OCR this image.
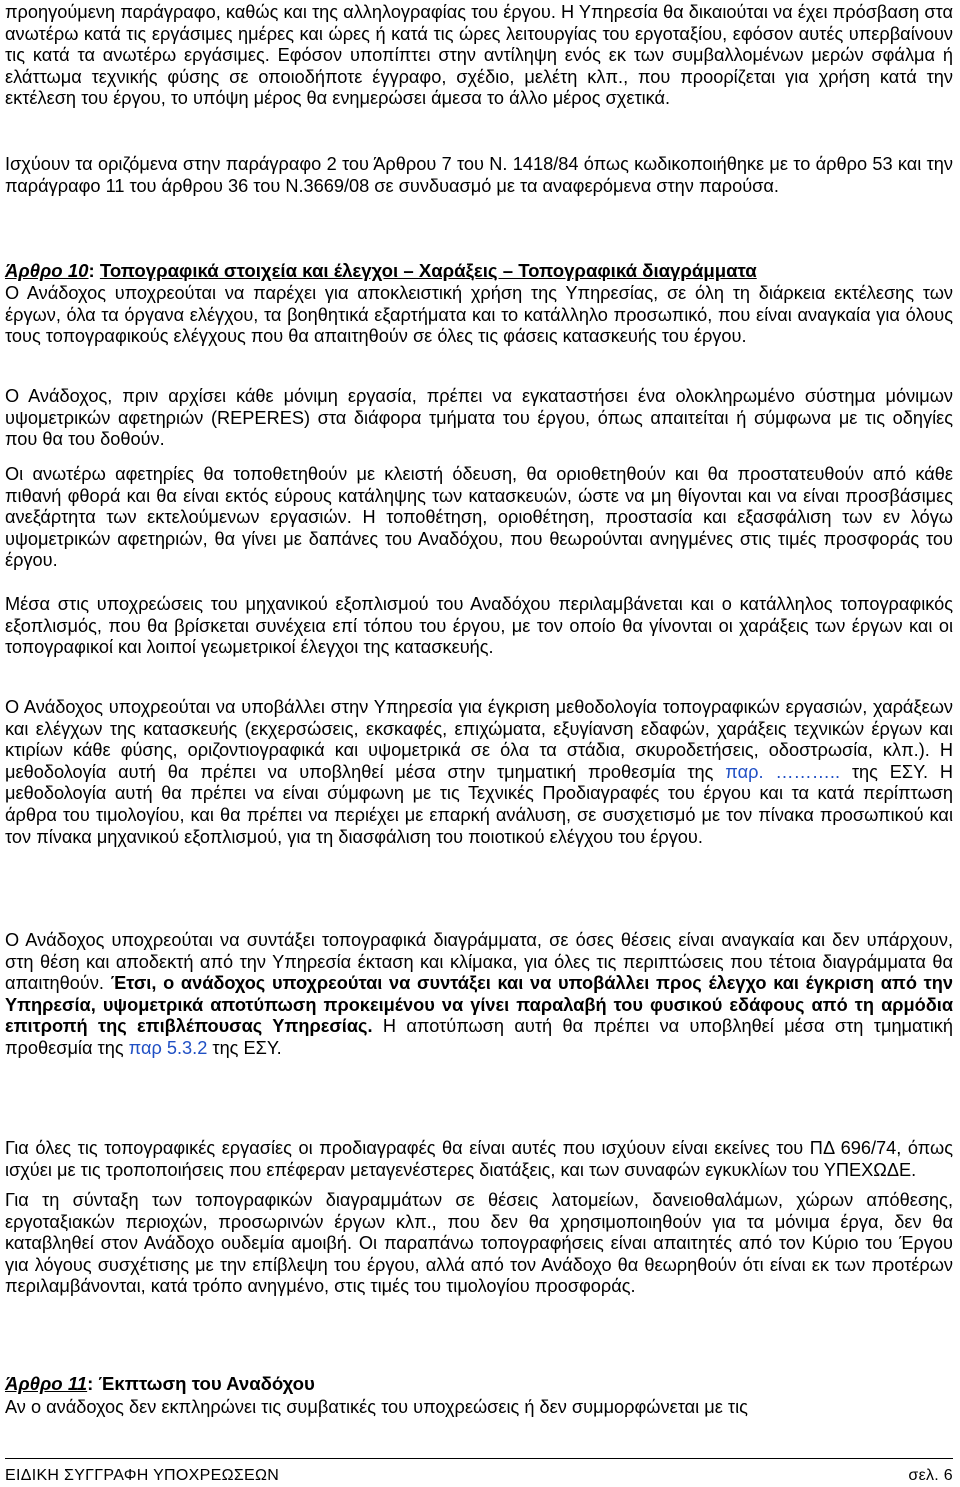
προηγούμενη παράγραφο, καθώς και της αλληλογραφίας του έργου. Η Υπηρεσία θα δικαιούται να έχει πρόσβαση στα ανωτέρω κατά τις εργάσιμες ημέρες και ώρες ή κατά τις ώρες λειτουργίας του εργοταξίου, εφόσον αυτές υπερβαίνουν τις κατά τα ανωτέρω εργάσιμες. Εφόσον υποπίπτει στην αντίληψη ενός εκ των συμβαλλομένων μερών σφάλμα ή ελάττωμα τεχνικής φύσης σε οποιοδήποτε έγγραφο, σχέδιο, μελέτη κλπ., που προορίζεται για χρήση κατά την εκτέλεση του έργου, το υπόψη μέρος θα ενημερώσει άμεσα το άλλο μέρος σχετικά.

Ισχύουν τα οριζόμενα στην παράγραφο 2 του Άρθρου 7 του Ν. 1418/84 όπως κωδικοποιήθηκε με το άρθρο 53 και την παράγραφο 11 του άρθρου 36 του Ν.3669/08 σε συνδυασμό με τα αναφερόμενα στην παρούσα.

Άρθρο 10: Τοπογραφικά στοιχεία και έλεγχοι – Χαράξεις – Τοπογραφικά διαγράμματα

Ο Ανάδοχος υποχρεούται να παρέχει για αποκλειστική χρήση της Υπηρεσίας, σε όλη τη διάρκεια εκτέλεσης των έργων, όλα τα όργανα ελέγχου, τα βοηθητικά εξαρτήματα και το κατάλληλο προσωπικό, που είναι αναγκαία για όλους τους τοπογραφικούς ελέγχους που θα απαιτηθούν σε όλες τις φάσεις κατασκευής του έργου.

Ο Ανάδοχος, πριν αρχίσει κάθε μόνιμη εργασία, πρέπει να εγκαταστήσει ένα ολοκληρωμένο σύστημα μόνιμων υψομετρικών αφετηριών (REPERES) στα διάφορα τμήματα του έργου, όπως απαιτείται ή σύμφωνα με τις οδηγίες που θα του δοθούν.

Οι ανωτέρω αφετηρίες θα τοποθετηθούν με κλειστή όδευση, θα οριοθετηθούν και θα προστατευθούν από κάθε πιθανή φθορά και θα είναι εκτός εύρους κατάληψης των κατασκευών, ώστε να μη θίγονται και να είναι προσβάσιμες ανεξάρτητα των εκτελούμενων εργασιών. Η τοποθέτηση, οριοθέτηση, προστασία και εξασφάλιση των εν λόγω υψομετρικών αφετηριών, θα γίνει με δαπάνες του Αναδόχου, που θεωρούνται ανηγμένες στις τιμές προσφοράς του έργου.

Μέσα στις υποχρεώσεις του μηχανικού εξοπλισμού του Αναδόχου περιλαμβάνεται και ο κατάλληλος τοπογραφικός εξοπλισμός, που θα βρίσκεται συνέχεια επί τόπου του έργου, με τον οποίο θα γίνονται οι χαράξεις των έργων και οι τοπογραφικοί και λοιποί γεωμετρικοί έλεγχοι της κατασκευής.

Ο Ανάδοχος υποχρεούται να υποβάλλει στην Υπηρεσία για έγκριση μεθοδολογία τοπογραφικών εργασιών, χαράξεων και ελέγχων της κατασκευής (εκχερσώσεις, εκσκαφές, επιχώματα, εξυγίανση εδαφών, χαράξεις τεχνικών έργων και κτιρίων κάθε φύσης, οριζοντιογραφικά και υψομετρικά σε όλα τα στάδια, σκυροδετήσεις, οδοστρωσία, κλπ.). Η μεθοδολογία αυτή θα πρέπει να υποβληθεί μέσα στην τμηματική προθεσμία της παρ. ……….. της ΕΣΥ. Η μεθοδολογία αυτή θα πρέπει να είναι σύμφωνη με τις Τεχνικές Προδιαγραφές του έργου και τα κατά περίπτωση άρθρα του τιμολογίου, και θα πρέπει να περιέχει με επαρκή ανάλυση, σε συσχετισμό με τον πίνακα προσωπικού και τον πίνακα μηχανικού εξοπλισμού, για τη διασφάλιση του ποιοτικού ελέγχου του έργου.

Ο Ανάδοχος υποχρεούται να συντάξει τοπογραφικά διαγράμματα, σε όσες θέσεις είναι αναγκαία και δεν υπάρχουν, στη θέση και αποδεκτή από την Υπηρεσία έκταση και κλίμακα, για όλες τις περιπτώσεις που τέτοια διαγράμματα θα απαιτηθούν. Έτσι, ο ανάδοχος υποχρεούται να συντάξει και να υποβάλλει προς έλεγχο και έγκριση από την Υπηρεσία, υψομετρικά αποτύπωση προκειμένου να γίνει παραλαβή του φυσικού εδάφους από τη αρμόδια επιτροπή της επιβλέπουσας Υπηρεσίας. Η αποτύπωση αυτή θα πρέπει να υποβληθεί μέσα στη τμηματική προθεσμία της παρ 5.3.2 της ΕΣΥ.

Για όλες τις τοπογραφικές εργασίες οι προδιαγραφές θα είναι αυτές που ισχύουν είναι εκείνες του ΠΔ 696/74, όπως ισχύει με τις τροποποιήσεις που επέφεραν μεταγενέστερες διατάξεις, και των συναφών εγκυκλίων του ΥΠΕΧΩΔΕ.

Για τη σύνταξη των τοπογραφικών διαγραμμάτων σε θέσεις λατομείων, δανειοθαλάμων, χώρων απόθεσης, εργοταξιακών περιοχών, προσωρινών έργων κλπ., που δεν θα χρησιμοποιηθούν για τα μόνιμα έργα, δεν θα καταβληθεί στον Ανάδοχο ουδεμία αμοιβή. Οι παραπάνω τοπογραφήσεις είναι απαιτητές από τον Κύριο του Έργου για λόγους συσχέτισης με την επίβλεψη του έργου, αλλά από τον Ανάδοχο θα θεωρηθούν ότι είναι εκ των προτέρων περιλαμβάνονται, κατά τρόπο ανηγμένο, στις τιμές του τιμολογίου προσφοράς.

Άρθρο 11: Έκπτωση του Αναδόχου

Αν ο ανάδοχος δεν εκπληρώνει τις συμβατικές του υποχρεώσεις ή δεν συμμορφώνεται με τις

ΕΙΔΙΚΗ ΣΥΓΓΡΑΦΗ ΥΠΟΧΡΕΩΣΕΩΝ	σελ. 6
